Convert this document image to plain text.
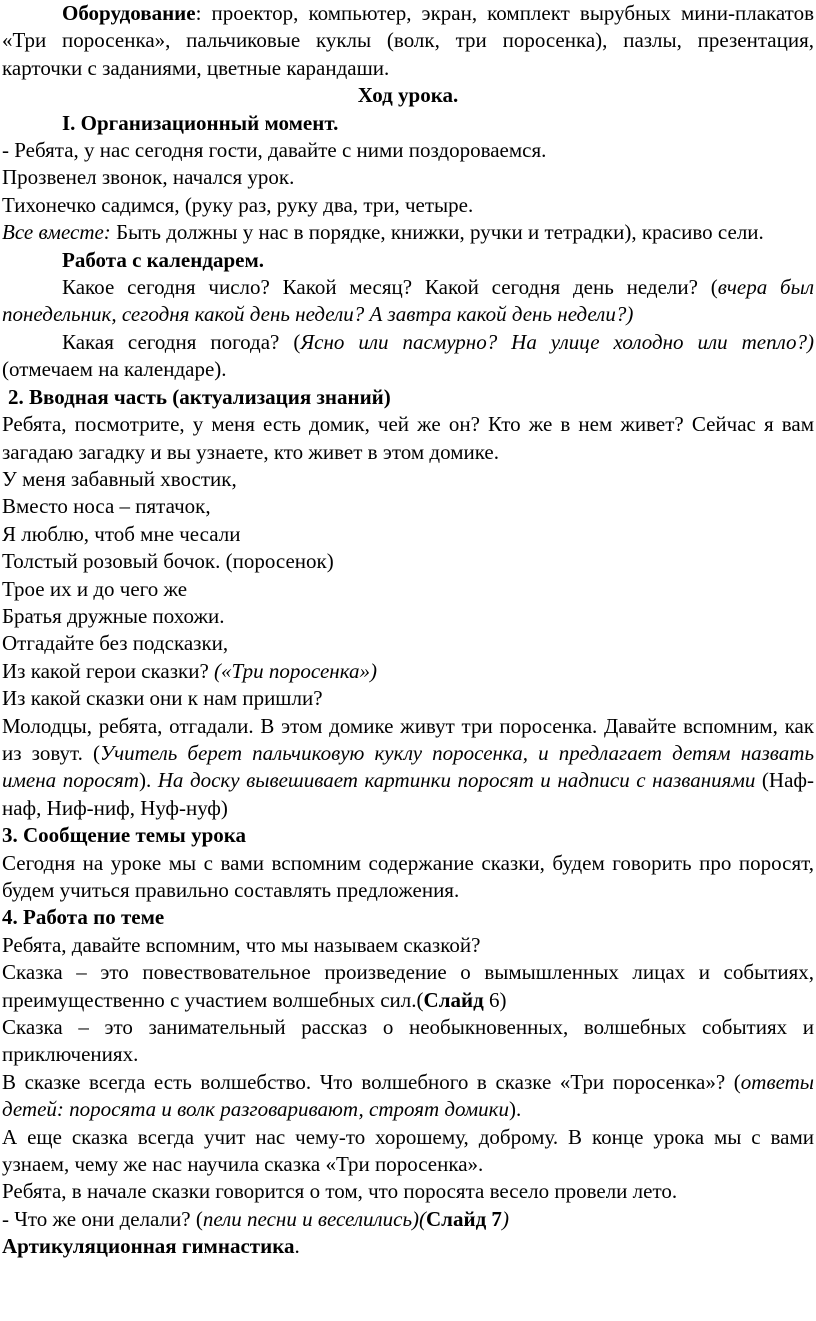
Оборудование: проектор, компьютер, экран, комплект вырубных мини-плакатов «Три поросенка», пальчиковые куклы (волк, три поросенка), пазлы, презентация, карточки с заданиями, цветные карандаши.

Ход урока.

I. Организационный момент.

- Ребята, у нас сегодня гости, давайте с ними поздороваемся.

Прозвенел звонок, начался урок.

Тихонечко садимся, (руку раз, руку два, три, четыре.

Все вместе: Быть должны у нас в порядке, книжки, ручки и тетрадки), красиво сели.

Работа с календарем.

Какое сегодня число? Какой месяц? Какой сегодня день недели? (вчера был понедельник, сегодня какой день недели? А завтра какой день недели?)

Какая сегодня погода? (Ясно или пасмурно? На улице холодно или тепло?) (отмечаем на календаре).

2. Вводная часть (актуализация знаний)

Ребята, посмотрите, у меня есть домик, чей же он? Кто же в нем живет? Сейчас я вам загадаю загадку и вы узнаете, кто живет в этом домике.

У меня забавный хвостик,

Вместо носа – пятачок,

Я люблю, чтоб мне чесали

Толстый розовый бочок. (поросенок)

Трое их и до чего же

Братья дружные похожи.

Отгадайте без подсказки,

Из какой герои сказки? («Три поросенка»)

Из какой сказки они к нам пришли?

Молодцы, ребята, отгадали. В этом домике живут три поросенка. Давайте вспомним, как из зовут. (Учитель берет пальчиковую куклу поросенка, и предлагает детям назвать имена поросят). На доску вывешивает картинки поросят и надписи с названиями (Наф-наф, Ниф-ниф, Нуф-нуф)

3. Сообщение темы урока

Сегодня на уроке мы с вами вспомним содержание сказки, будем говорить про поросят, будем учиться правильно составлять предложения.

4. Работа по теме

Ребята, давайте вспомним, что мы называем сказкой?

Сказка – это повествовательное произведение о вымышленных лицах и событиях, преимущественно с участием волшебных сил.(Слайд 6)

Сказка – это занимательный рассказ о необыкновенных, волшебных событиях и приключениях.

В сказке всегда есть волшебство. Что волшебного в сказке «Три поросенка»? (ответы детей: поросята и волк разговаривают, строят домики).

А еще сказка всегда учит нас чему-то хорошему, доброму. В конце урока мы с вами узнаем, чему же нас научила сказка «Три поросенка».

Ребята, в начале сказки говорится о том, что поросята весело провели лето.

- Что же они делали? (пели песни и веселились)(Слайд 7)

Артикуляционная гимнастика.
